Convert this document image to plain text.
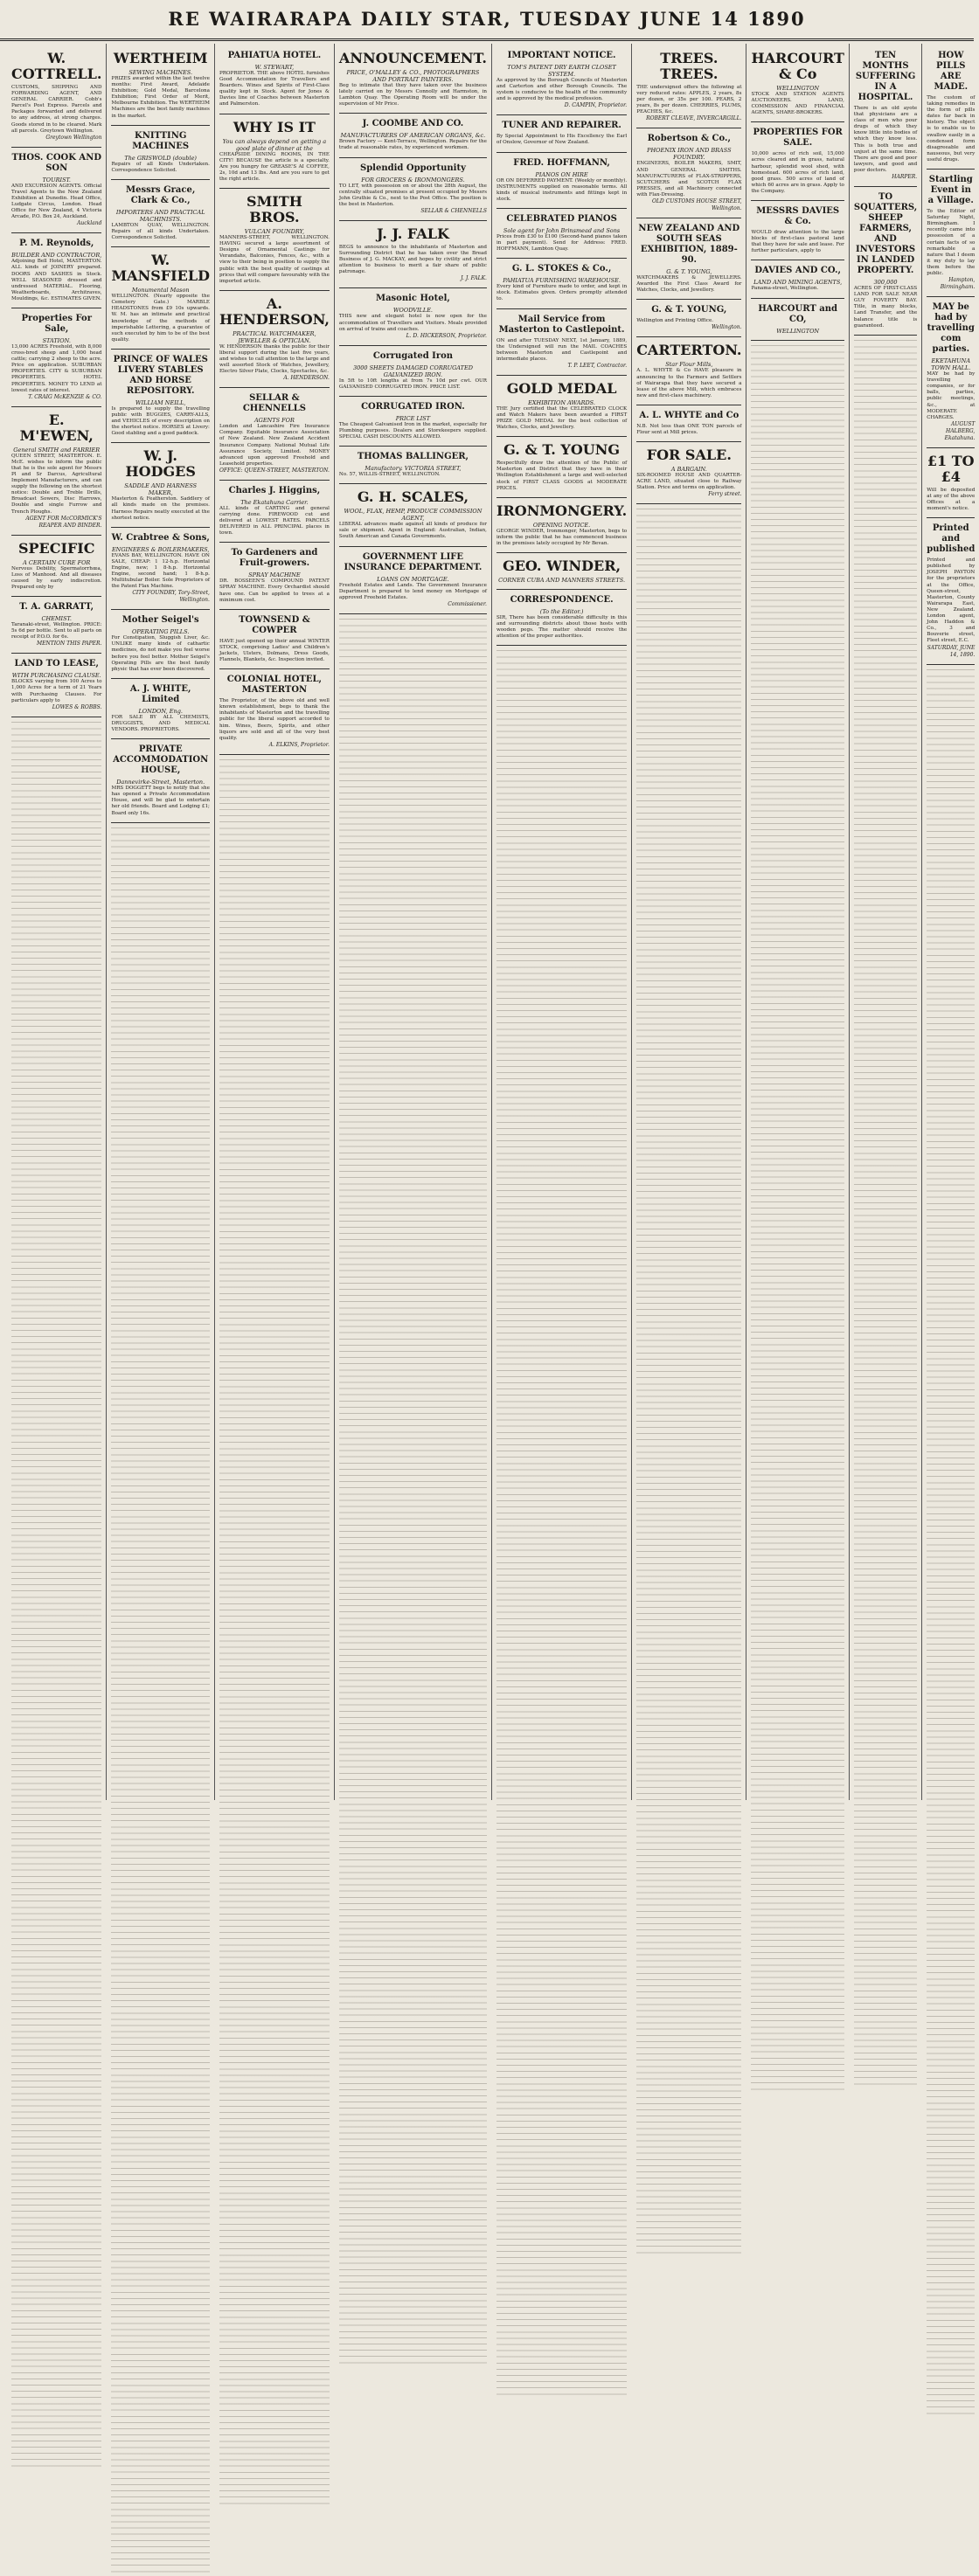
RE WAIRARAPA DAILY STAR, TUESDAY JUNE 14 1890
W. COTTRELL.
CUSTOMS, SHIPPING AND FORWARDING AGENT, AND GENERAL CARRIER. Cobb's Parcel's Post Express. Parcels and Packages forwarded and delivered to any address, at strong charges. Goods stored in to be cleared. Mark all parcels. Greytown Wellington.
Greytown Wellington
THOS. COOK AND SON
TOURIST.
AND EXCURSION AGENTS. Official Travel Agents to the New Zealand Exhibition at Dunedin. Head Office, Ludgate Circus, London. Head Office for New Zealand, 4 Victoria Arcade, P.O. Box 24, Auckland.
Auckland
P. M. Reynolds,
BUILDER AND CONTRACTOR,
Adjoining Bell Hotel, MASTERTON. ALL kinds of JOINERY prepared. DOORS AND SASHES in Stock. WELL SEASONED dressed and undressed MATERIAL. Flooring, Weatherboards, Architraves, Mouldings, &c. ESTIMATES GIVEN.
Properties For Sale,
STATION.
13,000 ACRES Freehold, with 8,000 cross-bred sheep and 1,000 head cattle; carrying 2 sheep to the acre. Price on application. SUBURBAN PROPERTIES. CITY & SUBURBAN PROPERTIES. HOTEL PROPERTIES. MONEY TO LEND at lowest rates of interest.
T. CRAIG McKENZIE & CO.
E. M'EWEN,
General SMITH and FARRIER
QUEEN STREET, MASTERTON. E. McE. wishes to inform the public that he is the sole agent for Messrs Pl and Sr Darcus, Agricultural Implement Manufacturers, and can supply the following on the shortest notice: Double and Treble Drills, Broadcast Sowers, Disc Harrows, Double and single Furrow and Trench Ploughs.
AGENT FOR McCORMICK'S REAPER AND BINDER.
SPECIFIC
A CERTAIN CURE FOR
Nervous Debility, Spermatorrhœa, Loss of Manhood. And all diseases caused by early indiscretion. Prepared only by
T. A. GARRATT,
CHEMIST.
Taranaki-street, Wellington. PRICE: 5s 6d per bottle. Sent to all parts on receipt of P.O.O. for 6s.
MENTION THIS PAPER.
LAND TO LEASE,
WITH PURCHASING CLAUSE.
BLOCKS varying from 100 Acres to 1,000 Acres for a term of 21 Years with Purchasing Clauses. For particulars apply to
LOWES & ROBBS.
WERTHEIM
SEWING MACHINES.
PRIZES awarded within the last twelve months: First Award, Adelaide Exhibition; Gold Medal, Barcelona Exhibition; First Order of Merit, Melbourne Exhibition. The WERTHEIM Machines are the best family machines in the market.
KNITTING MACHINES
The GRISWOLD (double)
Repairs of all Kinds Undertaken. Correspondence Solicited.
Messrs Grace, Clark & Co.,
IMPORTERS AND PRACTICAL MACHINISTS.
LAMBTON QUAY, WELLINGTON. Repairs of all kinds Undertaken. Correspondence Solicited.
W. MANSFIELD
Monumental Mason
WELLINGTON. (Nearly opposite the Cemetery Gate.) MARBLE HEADSTONES from £9 10s upwards. W. M. has an intimate and practical knowledge of the methods of imperishable Lettering, a guarantee of such executed by him to be of the best quality.
PRINCE OF WALES LIVERY STABLES AND HORSE REPOSITORY.
WILLIAM NEILL,
Is prepared to supply the travelling public with BUGGIES, CARRY-ALLS, and VEHICLES of every description on the shortest notice. HORSES at Livery: Good stabling and a good paddock.
W. J. HODGES
SADDLE AND HARNESS MAKER,
Masterton & Featherston. Saddlery of all kinds made on the premises. Harness Repairs neatly executed at the shortest notice.
W. Crabtree & Sons,
ENGINEERS & BOILERMAKERS,
EVANS BAY, WELLINGTON. HAVE ON SALE, CHEAP: 1 12-h.p. Horizontal Engine, new; 1 8-h.p. Horizontal Engine, second hand; 1 8-h.p. Multitubular Boiler. Sole Proprietors of the Patent Flax Machine.
CITY FOUNDRY, Tory-Street, Wellington.
Mother Seigel's
OPERATING PILLS.
For Constipation, Sluggish Liver, &c. UNLIKE many kinds of cathartic medicines, do not make you feel worse before you feel better. Mother Seigel's Operating Pills are the best family physic that has ever been discovered.
A. J. WHITE, Limited
LONDON, Eng.
FOR SALE BY ALL CHEMISTS, DRUGGISTS, AND MEDICAL VENDORS. PROPRIETORS.
PRIVATE ACCOMMODATION HOUSE,
Dannevirke-Street, Masterton.
MRS DOGGETT begs to notify that she has opened a Private Accommodation House, and will be glad to entertain her old friends. Board and Lodging £1; Board only 16s.
PAHIATUA HOTEL.
W. STEWART,
PROPRIETOR. THE above HOTEL furnishes Good Accommodation for Travellers and Boarders. Wines and Spirits of First-Class quality kept in Stock. Agent for Jones & Davies line of Coaches between Masterton and Palmerston.
WHY IS IT
You can always depend on getting a good plate of dinner at the
CHEAPSIDE DINING ROOMS, IN THE CITY! BECAUSE the article is a specialty. Are you hungry for GREASE'S AI COFFEE, 2s, 10d and 13 lbs. And are you sure to get the right article.
SMITH BROS.
VULCAN FOUNDRY,
MANNERS-STREET, WELLINGTON. HAVING secured a large assortment of Designs of Ornamental Castings for Verandahs, Balconies, Fences, &c., with a view to their being in position to supply the public with the best quality of castings at prices that will compare favourably with the imported article.
A. HENDERSON,
PRACTICAL WATCHMAKER, JEWELLER & OPTICIAN.
W. HENDERSON thanks the public for their liberal support during the last five years, and wishes to call attention to the large and well assorted Stock of Watches, Jewellery, Electro Silver Plate, Clocks, Spectacles, &c.
A. HENDERSON.
SELLAR & CHENNELLS
AGENTS FOR
London and Lancashire Fire Insurance Company. Equitable Insurance Association of New Zealand. New Zealand Accident Insurance Company. National Mutual Life Assurance Society, Limited. MONEY advanced upon approved Freehold and Leasehold properties.
OFFICE: QUEEN-STREET, MASTERTON.
Charles J. Higgins,
The Ekatahuna Carrier.
ALL kinds of CARTING and general carrying done. FIREWOOD cut and delivered at LOWEST RATES. PARCELS DELIVERED in ALL PRINCIPAL places in town.
To Gardeners and Fruit-growers.
SPRAY MACHINE
DR. BOSSEEN'S COMPOUND PATENT SPRAY MACHINE. Every Orchardist should have one. Can be applied to trees at a minimum cost.
TOWNSEND & COWPER
HAVE just opened up their annual WINTER STOCK, comprising Ladies' and Children's Jackets, Ulsters, Dolmans, Dress Goods, Flannels, Blankets, &c. Inspection invited.
COLONIAL HOTEL, MASTERTON
The Proprietor, of the above old and well known establishment, begs to thank the inhabitants of Masterton and the travelling public for the liberal support accorded to him. Wines, Beers, Spirits, and other liquors are sold and all of the very best quality.
A. ELKINS, Proprietor.
ANNOUNCEMENT.
PRICE, O'MALLEY & CO., PHOTOGRAPHERS AND PORTRAIT PAINTERS.
Beg to intimate that they have taken over the business lately carried on by Messrs Connolly and Harmston, in Lambton Quay. The Operating Room will be under the supervision of Mr Price.
J. COOMBE AND CO.
MANUFACTURERS OF AMERICAN ORGANS, &c.
Brown Factory — Kent-Terrace, Wellington. Repairs for the trade at reasonable rates, by experienced workmen.
Splendid Opportunity
FOR GROCERS & IRONMONGERS.
TO LET, with possession on or about the 28th August, the centrally situated premises at present occupied by Messrs John Gruthie & Co., next to the Post Office. The position is the best in Masterton.
SELLAR & CHENNELLS
J. J. FALK
BEGS to announce to the inhabitants of Masterton and Surrounding District that he has taken over the Bread Business of J. G. MACKAY, and hopes by civility and strict attention to business to merit a fair share of public patronage.
J. J. FALK.
Masonic Hotel,
WOODVILLE.
THIS new and elegant hotel is now open for the accommodation of Travellers and Visitors. Meals provided on arrival of trains and coaches.
L. D. HICKERSON, Proprietor.
Corrugated Iron
3000 SHEETS DAMAGED CORRUGATED GALVANIZED IRON.
In 5ft to 10ft lengths at from 7s 10d per cwt. OUR GALVANISED CORRUGATED IRON. PRICE LIST.
CORRUGATED IRON.
PRICE LIST
The Cheapest Galvanised Iron in the market, especially for Plumbing purposes. Dealers and Storekeepers supplied. SPECIAL CASH DISCOUNTS ALLOWED.
THOMAS BALLINGER,
Manufactory. VICTORIA STREET,
No. 57, WILLIS-STREET, WELLINGTON.
G. H. SCALES,
WOOL, FLAX, HEMP, PRODUCE COMMISSION AGENT,
LIBERAL advances made against all kinds of produce for sale or shipment. Agent in England: Australian, Indian, South American and Canada Governments.
GOVERNMENT LIFE INSURANCE DEPARTMENT.
LOANS ON MORTGAGE.
Freehold Estates and Lands. The Government Insurance Department is prepared to lend money on Mortgage of approved Freehold Estates.
Commissioner.
IMPORTANT NOTICE.
TOM'S PATENT DRY EARTH CLOSET SYSTEM.
As approved by the Borough Councils of Masterton and Carterton and other Borough Councils. The system is conducive to the health of the community and is approved by the medical profession.
D. CAMPIN, Proprietor.
TUNER AND REPAIRER.
By Special Appointment to His Excellency the Earl of Onslow, Governor of New Zealand.
FRED. HOFFMANN,
PIANOS ON HIRE
OR ON DEFERRED PAYMENT. (Weekly or monthly). INSTRUMENTS supplied on reasonable terms. All kinds of musical instruments and fittings kept in stock.
CELEBRATED PIANOS
Sole agent for John Brinsmead and Sons
Prices from £30 to £100 (Second-hand pianos taken in part payment). Send for Address: FRED. HOFFMANN, Lambton Quay.
G. L. STOKES & Co.,
PAHIATUA FURNISHING WAREHOUSE.
Every kind of Furniture made to order, and kept in stock. Estimates given. Orders promptly attended to.
Mail Service from Masterton to Castlepoint.
ON and after TUESDAY NEXT, 1st January, 1889, the Undersigned will run the MAIL COACHES between Masterton and Castlepoint and intermediate places.
T. P. LEET, Contractor.
GOLD MEDAL
EXHIBITION AWARDS.
THE Jury certified that the CELEBRATED CLOCK and Watch Makers have been awarded a FIRST PRIZE GOLD MEDAL for the best collection of Watches, Clocks, and Jewellery.
G. & T. YOUNG
Respectfully draw the attention of the Public of Masterton and District that they have in their Wellington Establishment a large and well-selected stock of FIRST CLASS GOODS at MODERATE PRICES.
IRONMONGERY.
OPENING NOTICE.
GEORGE WINDER, Ironmonger, Masterton, begs to inform the public that he has commenced business in the premises lately occupied by Mr Bevan.
GEO. WINDER,
CORNER CUBA AND MANNERS STREETS.
CORRESPONDENCE.
(To the Editor.)
SIR, There has been considerable difficulty in this and surrounding districts about those hosts with wooden pegs. The matter should receive the attention of the proper authorities.
TREES. TREES.
THE undersigned offers the following at very reduced rates: APPLES, 2 years, 8s per dozen, or 35s per 100. PEARS, 2 years, 8s per dozen. CHERRIES, PLUMS, PEACHES, &c.
ROBERT CLEAVE, INVERCARGILL.
Robertson & Co.,
PHOENIX IRON AND BRASS FOUNDRY.
ENGINEERS, BOILER MAKERS, SMIT, AND GENERAL SMITHS. MANUFACTURERS of FLAX-STRIPPERS, SCUTCHERS and SCOTCH FLAX PRESSES, and all Machinery connected with Flax-Dressing.
OLD CUSTOMS HOUSE STREET, Wellington.
NEW ZEALAND AND SOUTH SEAS EXHIBITION, 1889-90.
G. & T. YOUNG,
WATCHMAKERS & JEWELLERS. Awarded the First Class Award for Watches, Clocks, and Jewellery.
G. & T. YOUNG,
Wellington and Printing Office.
Wellington.
CARTERTON.
Star Flour Mills,
A. L. WHYTE & Co HAVE pleasure in announcing to the Farmers and Settlers of Wairarapa that they have secured a lease of the above Mill, which embraces new and first-class machinery.
A. L. WHYTE and Co
N.B. Not less than ONE TON parcels of Flour sent at Mill prices.
FOR SALE.
A BARGAIN.
SIX-ROOMED HOUSE AND QUARTER-ACRE LAND, situated close to Railway Station. Price and terms on application.
Ferry street.
HARCOURT & Co
WELLINGTON
STOCK AND STATION AGENTS AUCTIONEERS. LAND, COMMISSION AND FINANCIAL AGENTS, SHARE-BROKERS.
PROPERTIES FOR SALE.
10,000 acres of rich soil, 15,000 acres cleared and in grass, natural harbour, splendid wool shed, with homestead. 600 acres of rich land, good grass. 500 acres of land of which 60 acres are in grass. Apply to the Company.
MESSRS DAVIES & Co.
WOULD draw attention to the large blocks of first-class pastoral land that they have for sale and lease. For further particulars, apply to
DAVIES AND CO.,
LAND AND MINING AGENTS,
Panama-street, Wellington.
HARCOURT and CO,
WELLINGTON
TEN MONTHS SUFFERING IN A HOSPITAL.
There is an old ayote that physicians are a class of men who pour drugs of which they know little into bodies of which they know less. This is both true and unjust at the same time. There are good and poor lawyers, and good and poor doctors.
HARPER.
TO SQUATTERS, SHEEP FARMERS, AND INVESTORS IN LANDED PROPERTY.
300,000
ACRES OF FIRST-CLASS LAND FOR SALE NEAR GUY FOVERTY BAY. Title, in many blocks, Land Transfer, and the balance title is guaranteed.
HOW PILLS ARE MADE.
The custom of taking remedies in the form of pills dates far back in history. The object is to enable us to swallow easily in a condensed form disagreeable and nauseous, but very useful drugs.
Startling Event in a Village.
To the Editor of Saturday Night, Birmingham. I recently came into possession of a certain facts of so remarkable a nature that I deem it my duty to lay them before the public.
Hampton, Birmingham.
MAY be had by travelling com parties.
EKETAHUNA TOWN HALL.
MAY be had by travelling companies, or for balls, parties, public meetings, &c., at MODERATE CHARGES.
AUGUST HALBERG, Ekatahuna.
£1 TO £4
Will be deposited at any of the above Offices at a moment's notice.
Printed and published
Printed and published by JOSEPH PAYTON for the proprietors at the Office, Queen-street, Masterton, County Wairarapa East, New Zealand. London agent, John Haddon & Co., 3 and Bouverie street, Fleet street, E.C.
SATURDAY, JUNE 14, 1890.
